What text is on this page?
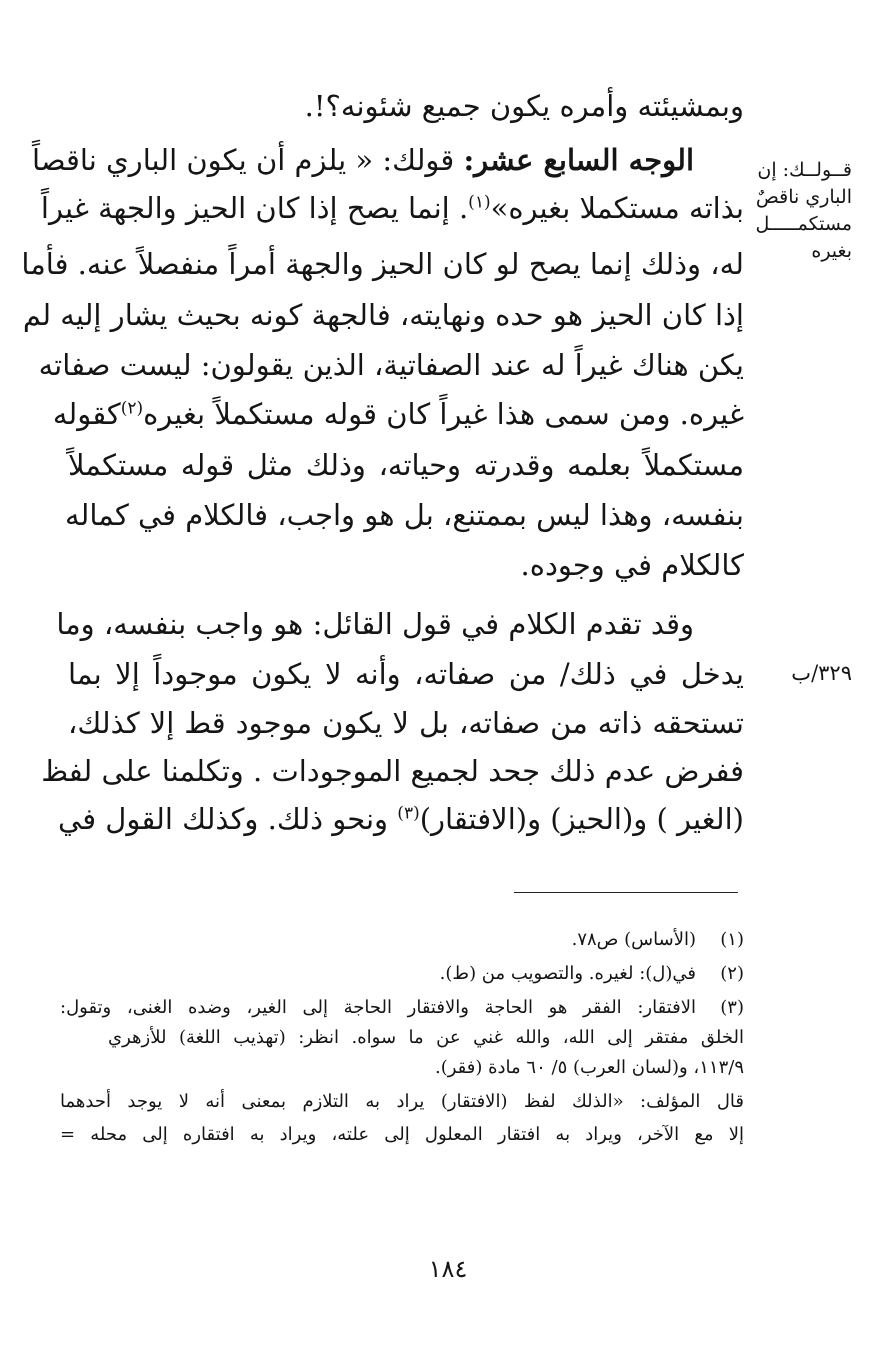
قــولــك: إن
الباري ناقصٌ
مستكمـــــل
بغيره
٣٢٩/ب
وبمشيئته وأمره يكون جميع شئونه؟!.
الوجه السابع عشر: قولك: « يلزم أن يكون الباري ناقصاً
بذاته مستكملا بغيره»$^{(١)}$. إنما يصح إذا كان الحيز والجهة غيراً
له، وذلك إنما يصح لو كان الحيز والجهة أمراً منفصلاً عنه. فأما
إذا كان الحيز هو حده ونهايته، فالجهة كونه بحيث يشار إليه لم
يكن هناك غيراً له عند الصفاتية، الذين يقولون: ليست صفاته
غيره. ومن سمى هذا غيراً كان قوله مستكملاً بغيره$^{(٢)}$كقوله
مستكملاً بعلمه وقدرته وحياته، وذلك مثل قوله مستكملاً
بنفسه، وهذا ليس بممتنع، بل هو واجب، فالكلام في كماله
كالكلام في وجوده.
وقد تقدم الكلام في قول القائل: هو واجب بنفسه، وما
يدخل في ذلك/ من صفاته، وأنه لا يكون موجوداً إلا بما
تستحقه ذاته من صفاته، بل لا يكون موجود قط إلا كذلك،
ففرض عدم ذلك جحد لجميع الموجودات . وتكلمنا على لفظ
(الغير ) و(الحيز) و(الافتقار)$^{(٣)}$ ونحو ذلك. وكذلك القول في
(١)
(الأساس) ص٧٨.
(٢)
في(ل): لغيره. والتصويب من (ط).
(٣)
الافتقار: الفقر هو الحاجة والافتقار الحاجة إلى الغير، وضده الغنى، وتقول:
الخلق مفتقر إلى الله، والله غني عن ما سواه. انظر: (تهذيب اللغة) للأزهري
١١٣/٩، و(لسان العرب) ٥/ ٦٠ مادة (فقر).
قال المؤلف: «الذلك لفظ (الافتقار) يراد به التلازم بمعنى أنه لا يوجد أحدهما
إلا مع الآخر، ويراد به افتقار المعلول إلى علته، ويراد به افتقاره إلى محله =
١٨٤
